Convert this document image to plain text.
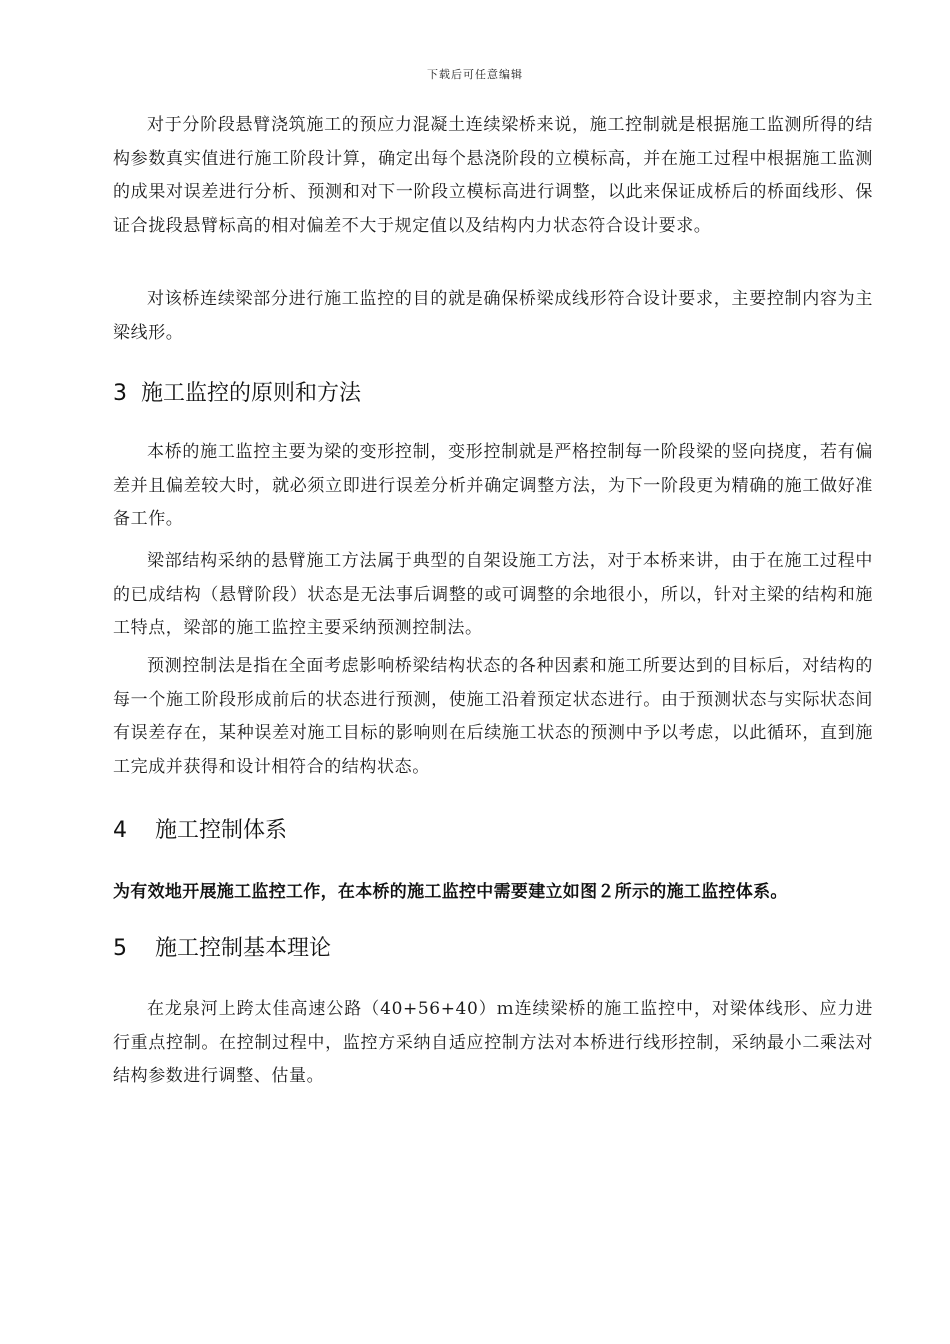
下载后可任意编辑

对于分阶段悬臂浇筑施工的预应力混凝土连续梁桥来说，施工控制就是根据施工监测所得的结构参数真实值进行施工阶段计算，确定出每个悬浇阶段的立模标高，并在施工过程中根据施工监测的成果对误差进行分析、预测和对下一阶段立模标高进行调整，以此来保证成桥后的桥面线形、保证合拢段悬臂标高的相对偏差不大于规定值以及结构内力状态符合设计要求。

对该桥连续梁部分进行施工监控的目的就是确保桥梁成线形符合设计要求，主要控制内容为主梁线形。

3 施工监控的原则和方法

本桥的施工监控主要为梁的变形控制，变形控制就是严格控制每一阶段梁的竖向挠度，若有偏差并且偏差较大时，就必须立即进行误差分析并确定调整方法，为下一阶段更为精确的施工做好准备工作。

梁部结构采纳的悬臂施工方法属于典型的自架设施工方法，对于本桥来讲，由于在施工过程中的已成结构（悬臂阶段）状态是无法事后调整的或可调整的余地很小，所以，针对主梁的结构和施工特点，梁部的施工监控主要采纳预测控制法。

预测控制法是指在全面考虑影响桥梁结构状态的各种因素和施工所要达到的目标后，对结构的每一个施工阶段形成前后的状态进行预测，使施工沿着预定状态进行。由于预测状态与实际状态间有误差存在，某种误差对施工目标的影响则在后续施工状态的预测中予以考虑，以此循环，直到施工完成并获得和设计相符合的结构状态。

4 施工控制体系

为有效地开展施工监控工作，在本桥的施工监控中需要建立如图２所示的施工监控体系。

5 施工控制基本理论

在龙泉河上跨太佳高速公路（40+56+40）ｍ连续梁桥的施工监控中，对梁体线形、应力进行重点控制。在控制过程中，监控方采纳自适应控制方法对本桥进行线形控制，采纳最小二乘法对结构参数进行调整、估量。
